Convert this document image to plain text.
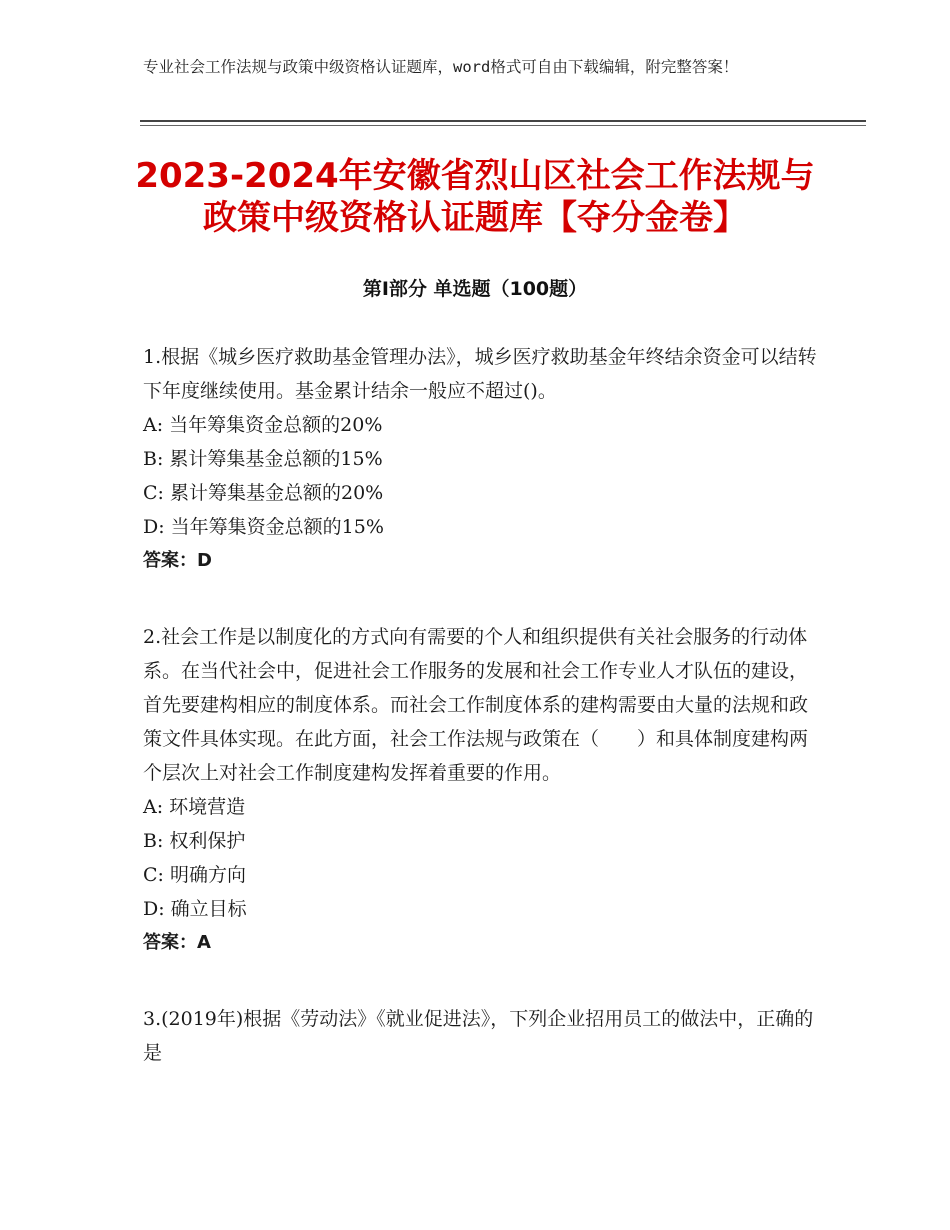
专业社会工作法规与政策中级资格认证题库，word格式可自由下载编辑，附完整答案！
2023-2024年安徽省烈山区社会工作法规与政策中级资格认证题库【夺分金卷】
第Ⅰ部分 单选题（100题）

1.根据《城乡医疗救助基金管理办法》，城乡医疗救助基金年终结余资金可以结转下年度继续使用。基金累计结余一般应不超过()。

A: 当年筹集资金总额的20%

B: 累计筹集基金总额的15%

C: 累计筹集基金总额的20%

D: 当年筹集资金总额的15%

答案：D

2.社会工作是以制度化的方式向有需要的个人和组织提供有关社会服务的行动体系。在当代社会中，促进社会工作服务的发展和社会工作专业人才队伍的建设，首先要建构相应的制度体系。而社会工作制度体系的建构需要由大量的法规和政策文件具体实现。在此方面，社会工作法规与政策在（　　）和具体制度建构两个层次上对社会工作制度建构发挥着重要的作用。

A: 环境营造

B: 权利保护

C: 明确方向

D: 确立目标

答案：A

3.(2019年)根据《劳动法》《就业促进法》，下列企业招用员工的做法中，正确的是
